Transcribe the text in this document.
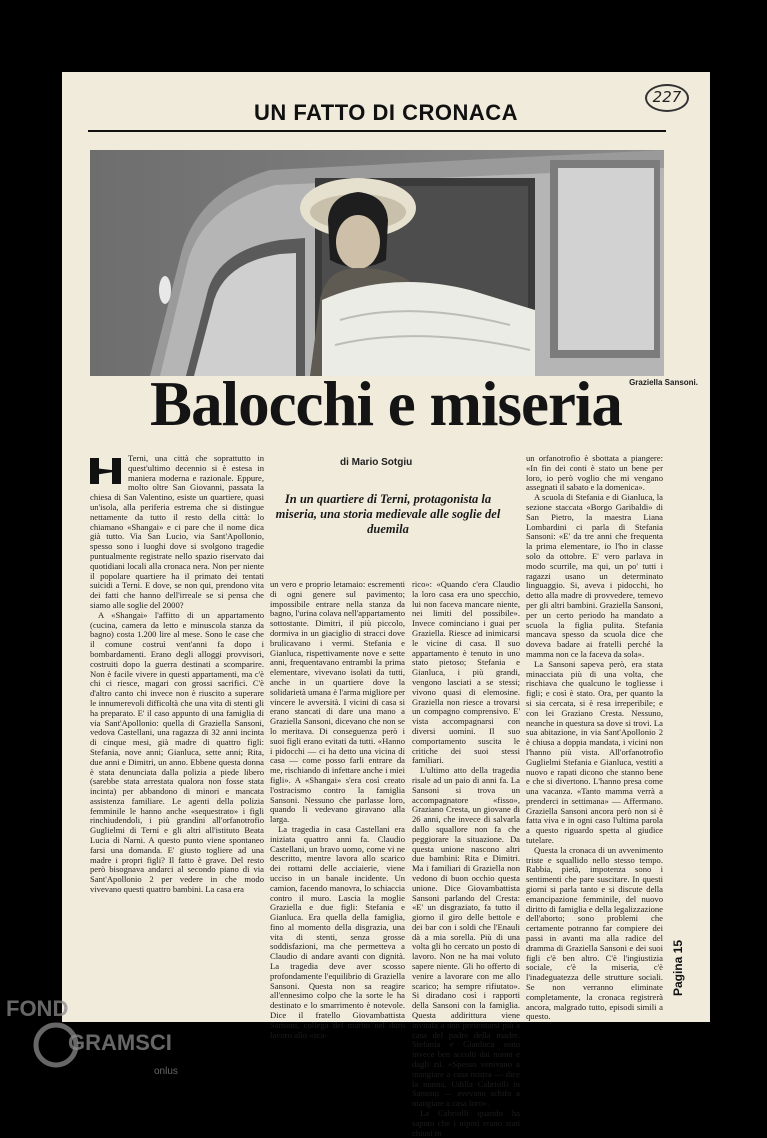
227
UN FATTO DI CRONACA
Graziella Sansoni.
Balocchi e miseria
di Mario Sotgiu
In un quartiere di Terni, protagonista la miseria, una storia medievale alle soglie del duemila

Terni, una città che soprattutto in quest'ultimo decennio si è estesa in maniera moderna e razionale. Eppure, molto oltre San Giovanni, passata la chiesa di San Valentino, esiste un quartiere, quasi un'isola, alla periferia estrema che si distingue nettamente da tutto il resto della città: lo chiamano «Shangai» e ci pare che il nome dica già tutto. Via San Lucio, via Sant'Apollonio, spesso sono i luoghi dove si svolgono tragedie puntualmente registrate nello spazio riservato dai quotidiani locali alla cronaca nera. Non per niente il popolare quartiere ha il primato dei tentati suicidi a Terni. E dove, se non qui, prendono vita dei fatti che hanno dell'irreale se si pensa che siamo alle soglie del 2000?

A «Shangai» l'affitto di un appartamento (cucina, camera da letto e minuscola stanza da bagno) costa 1.200 lire al mese. Sono le case che il comune costruì vent'anni fa dopo i bombardamenti. Erano degli alloggi provvisori, costruiti dopo la guerra destinati a scomparire. Non è facile vivere in questi appartamenti, ma c'è chi ci riesce, magari con grossi sacrifici. C'è d'altro canto chi invece non è riuscito a superare le innumerevoli difficoltà che una vita di stenti gli ha preparato. E' il caso appunto di una famiglia di via Sant'Apollonio: quella di Graziella Sansoni, vedova Castellani, una ragazza di 32 anni incinta di cinque mesi, già madre di quattro figli: Stefania, nove anni; Gianluca, sette anni; Rita, due anni e Dimitri, un anno. Ebbene questa donna è stata denunciata dalla polizia a piede libero (sarebbe stata arrestata qualora non fosse stata incinta) per abbandono di minori e mancata assistenza familiare. Le agenti della polizia femminile le hanno anche «sequestrato» i figli rinchiudendoli, i più grandini all'orfanotrofio Guglielmi di Terni e gli altri all'istituto Beata Lucia di Narni. A questo punto viene spontaneo farsi una domanda. E' giusto togliere ad una madre i propri figli? Il fatto è grave. Del resto però bisognava andarci al secondo piano di via Sant'Apollonio 2 per vedere in che modo vivevano questi quattro bambini. La casa era

un vero e proprio letamaio: escrementi di ogni genere sul pavimento; impossibile entrare nella stanza da bagno, l'urina colava nell'appartamento sottostante. Dimitri, il più piccolo, dormiva in un giaciglio di stracci dove brulicavano i vermi. Stefania e Gianluca, rispettivamente nove e sette anni, frequentavano entrambi la prima elementare, vivevano isolati da tutti, anche in un quartiere dove la solidarietà umana è l'arma migliore per vincere le avversità. I vicini di casa si erano stancati di dare una mano a Graziella Sansoni, dicevano che non se lo meritava. Di conseguenza però i suoi figli erano evitati da tutti. «Hanno i pidocchi — ci ha detto una vicina di casa — come posso farli entrare da me, rischiando di infettare anche i miei figli». A «Shangai» s'era così creato l'ostracismo contro la famiglia Sansoni. Nessuno che parlasse loro, quando li vedevano giravano alla larga.

La tragedia in casa Castellani era iniziata quattro anni fa. Claudio Castellani, un bravo uomo, come vi ne descritto, mentre lavora allo scarico dei rottami delle acciaierie, viene ucciso in un banale incidente. Un camion, facendo manovra, lo schiaccia contro il muro. Lascia la moglie Graziella e due figli: Stefania e Gianluca. Era quella della famiglia, fino al momento della disgrazia, una vita di stenti, senza grosse soddisfazioni, ma che permetteva a Claudio di andare avanti con dignità. La tragedia deve aver scosso profondamente l'equilibrio di Graziella Sansoni. Questa non sa reagire all'ennesimo colpo che la sorte le ha destinato e lo smarrimento è notevole. Dice il fratello Giovambattista Sansoni, collega del marito nel duro lavoro allo «sca-

rico»: «Quando c'era Claudio la loro casa era uno specchio, lui non faceva mancare niente, nei limiti del possibile». Invece cominciano i guai per Graziella. Riesce ad inimicarsi le vicine di casa. Il suo appartamento è tenuto in uno stato pietoso; Stefania e Gianluca, i più grandi, vengono lasciati a se stessi; vivono quasi di elemosine. Graziella non riesce a trovarsi un compagno comprensivo. E' vista accompagnarsi con diversi uomini. Il suo comportamento suscita le critiche dei suoi stessi familiari.

L'ultimo atto della tragedia risale ad un paio di anni fa. La Sansoni si trova un accompagnatore «fisso», Graziano Cresta, un giovane di 26 anni, che invece di salvarla dallo squallore non fa che peggiorare la situazione. Da questa unione nascono altri due bambini: Rita e Dimitri. Ma i familiari di Graziella non vedono di buon occhio questa unione. Dice Giovambattista Sansoni parlando del Cresta: «E' un disgraziato, fa tutto il giorno il giro delle bettole e dei bar con i soldi che l'Enauli dà a mia sorella. Più di una volta gli ho cercato un posto di lavoro. Non ne ha mai voluto sapere niente. Gli ho offerto di venire a lavorare con me allo scarico; ha sempre rifiutato». Si diradano così i rapporti della Sansoni con la famiglia. Questa addirittura viene invitata a non presentarsi più a casa del padre della madre. Stefania e Gianluca sono invece ben accolti dai nonni e dagli zii. «Spesso venivano a mangiare a casa nostra — dice la nonna, Udilla Cabriolli in Sansoni — avevano schifo a mangiare a casa loro».

La Cabriolli quando ha saputo che i nipoti erano stati chiusi in

un orfanotrofio è sbottata a piangere: «In fin dei conti è stato un bene per loro, io però voglio che mi vengano assegnati il sabato e la domenica».

A scuola di Stefania e di Gianluca, la sezione staccata «Borgo Garibaldi» di San Pietro, la maestra Liana Lombardini ci parla di Stefania Sansoni: «E' da tre anni che frequenta la prima elementare, io l'ho in classe solo da ottobre. E' vero parlava in modo scurrile, ma qui, un po' tutti i ragazzi usano un determinato linguaggio. Si, aveva i pidocchi, ho detto alla madre di provvedere, temevo per gli altri bambini. Graziella Sansoni, per un certo periodo ha mandato a scuola la figlia pulita. Stefania mancava spesso da scuola dice che doveva badare ai fratelli perché la mamma non ce la faceva da sola».

La Sansoni sapeva però, era stata minacciata più di una volta, che rischiava che qualcuno le togliesse i figli; e così è stato. Ora, per quanto la si sia cercata, si è resa irreperibile; e con lei Graziano Cresta. Nessuno, neanche in questura sa dove si trovi. La sua abitazione, in via Sant'Apollonio 2 è chiusa a doppia mandata, i vicini non l'hanno più vista. All'orfanotrofio Guglielmi Stefania e Gianluca, vestiti a nuovo e rapati dicono che stanno bene e che si divertono. L'hanno presa come una vacanza. «Tanto mamma verrà a prenderci in settimana» — Affermano. Graziella Sansoni ancora però non si è fatta viva e in ogni caso l'ultima parola a questo riguardo spetta al giudice tutelare.

Questa la cronaca di un avvenimento triste e squallido nello stesso tempo. Rabbia, pietà, impotenza sono i sentimenti che pare suscitare. In questi giorni si parla tanto e si discute della emancipazione femminile, del nuovo diritto di famiglia e della legalizzazione dell'aborto; sono problemi che certamente potranno far compiere dei passi in avanti ma alla radice del dramma di Graziella Sansoni e dei suoi figli c'è ben altro. C'è l'ingiustizia sociale, c'è la miseria, c'è l'inadeguatezza delle strutture sociali. Se non verranno eliminate completamente, la cronaca registrerà ancora, malgrado tutto, episodi simili a questo.

Pagina 15
FOND
GRAMSCI
onlus
